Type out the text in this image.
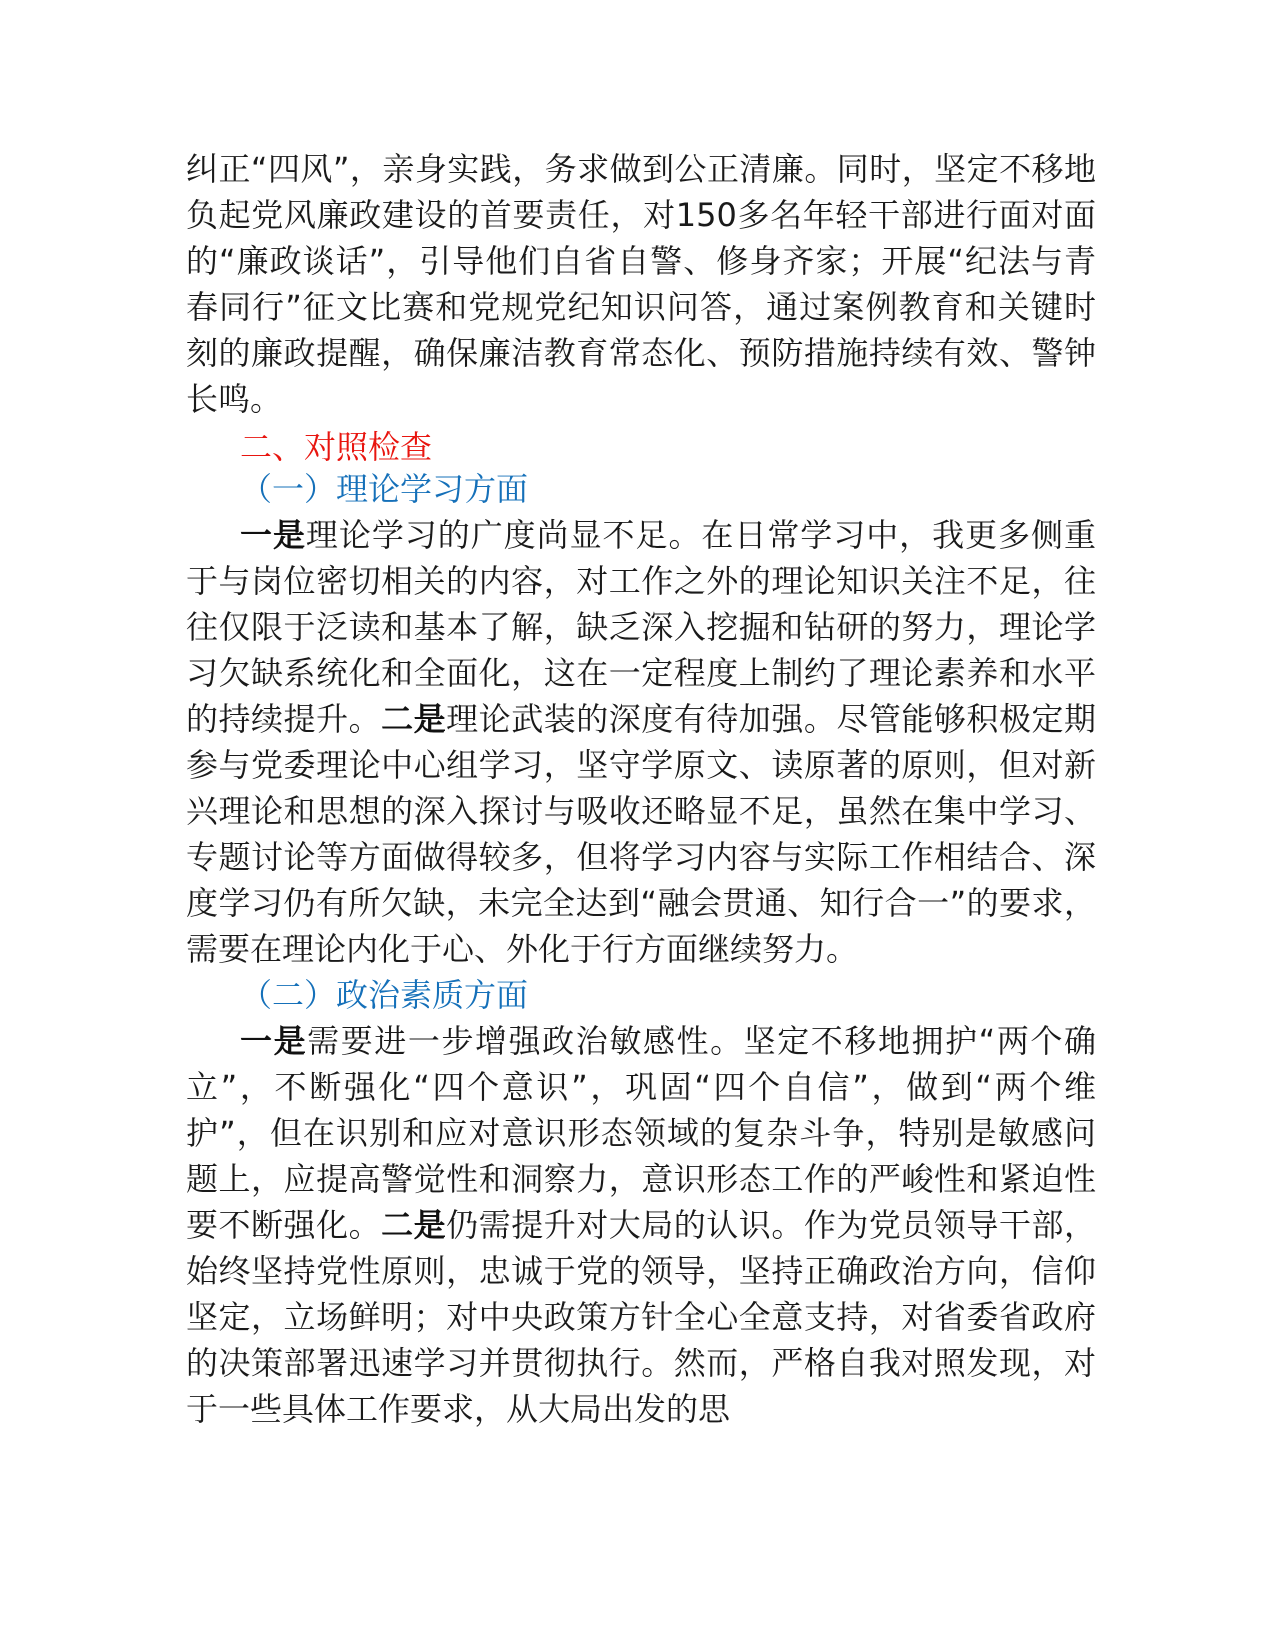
纠正“四风”，亲身实践，务求做到公正清廉。同时，坚定不移地负起党风廉政建设的首要责任，对150多名年轻干部进行面对面的“廉政谈话”，引导他们自省自警、修身齐家；开展“纪法与青春同行”征文比赛和党规党纪知识问答，通过案例教育和关键时刻的廉政提醒，确保廉洁教育常态化、预防措施持续有效、警钟长鸣。

二、对照检查

（一）理论学习方面

一是理论学习的广度尚显不足。在日常学习中，我更多侧重于与岗位密切相关的内容，对工作之外的理论知识关注不足，往往仅限于泛读和基本了解，缺乏深入挖掘和钻研的努力，理论学习欠缺系统化和全面化，这在一定程度上制约了理论素养和水平的持续提升。二是理论武装的深度有待加强。尽管能够积极定期参与党委理论中心组学习，坚守学原文、读原著的原则，但对新兴理论和思想的深入探讨与吸收还略显不足，虽然在集中学习、专题讨论等方面做得较多，但将学习内容与实际工作相结合、深度学习仍有所欠缺，未完全达到“融会贯通、知行合一”的要求，需要在理论内化于心、外化于行方面继续努力。

（二）政治素质方面

一是需要进一步增强政治敏感性。坚定不移地拥护“两个确立”，不断强化“四个意识”，巩固“四个自信”，做到“两个维护”，但在识别和应对意识形态领域的复杂斗争，特别是敏感问题上，应提高警觉性和洞察力，意识形态工作的严峻性和紧迫性要不断强化。二是仍需提升对大局的认识。作为党员领导干部，始终坚持党性原则，忠诚于党的领导，坚持正确政治方向，信仰坚定，立场鲜明；对中央政策方针全心全意支持，对省委省政府的决策部署迅速学习并贯彻执行。然而，严格自我对照发现，对于一些具体工作要求，从大局出发的思
